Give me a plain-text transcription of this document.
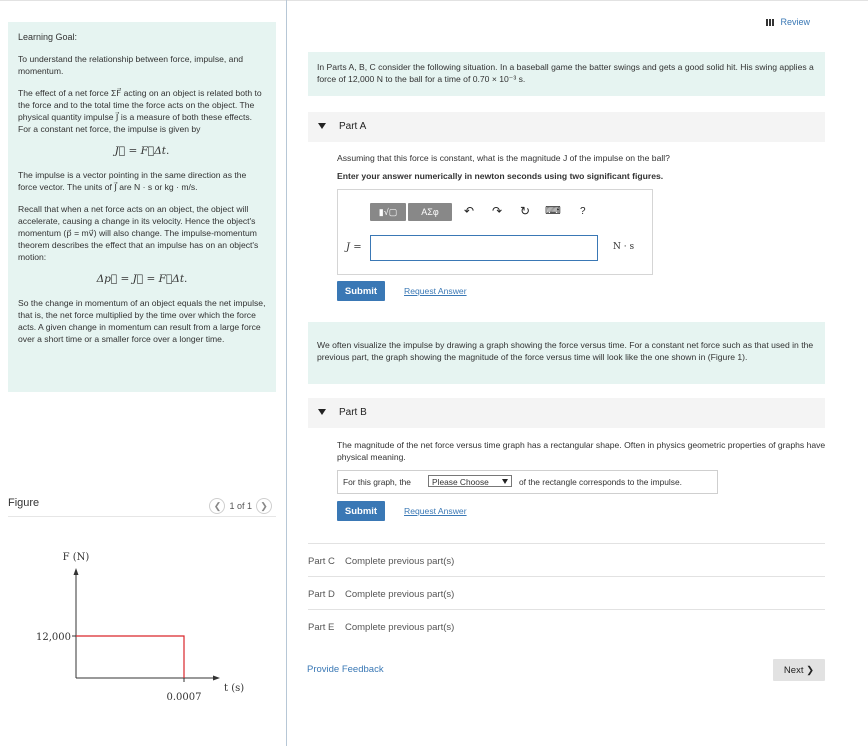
Learning Goal:

To understand the relationship between force, impulse, and momentum.

The effect of a net force ΣF⃗ acting on an object is related both to the force and to the total time the force acts on the object. The physical quantity impulse J⃗ is a measure of both these effects. For a constant net force, the impulse is given by

J⃗ = F⃗Δt.

The impulse is a vector pointing in the same direction as the force vector. The units of J⃗ are N · s or kg · m/s.

Recall that when a net force acts on an object, the object will accelerate, causing a change in its velocity. Hence the object's momentum (p⃗ = mv⃗) will also change. The impulse-momentum theorem describes the effect that an impulse has on an object's motion:

Δp⃗ = J⃗ = F⃗Δt.

So the change in momentum of an object equals the net impulse, that is, the net force multiplied by the time over which the force acts. A given change in momentum can result from a large force over a short time or a smaller force over a longer time.

Figure	❮ 1 of 1 ❯
F (N)
t (s)
12,000
0.0007
Review
In Parts A, B, C consider the following situation. In a baseball game the batter swings and gets a good solid hit. His swing applies a force of 12,000 N to the ball for a time of 0.70 × 10⁻³ s.
Part A
Assuming that this force is constant, what is the magnitude J of the impulse on the ball?
Enter your answer numerically in newton seconds using two significant figures.
▮√▢	ΑΣφ	↶ ↷ ↻ ⌨ ?
J =	N · s
Submit	Request Answer
We often visualize the impulse by drawing a graph showing the force versus time. For a constant net force such as that used in the previous part, the graph showing the magnitude of the force versus time will look like the one shown in (Figure 1).
Part B
The magnitude of the net force versus time graph has a rectangular shape. Often in physics geometric properties of graphs have physical meaning.
For this graph, the	Please Choose	of the rectangle corresponds to the impulse.
Submit	Request Answer
Part C Complete previous part(s)
Part D Complete previous part(s)
Part E Complete previous part(s)
Provide Feedback	Next ❯
